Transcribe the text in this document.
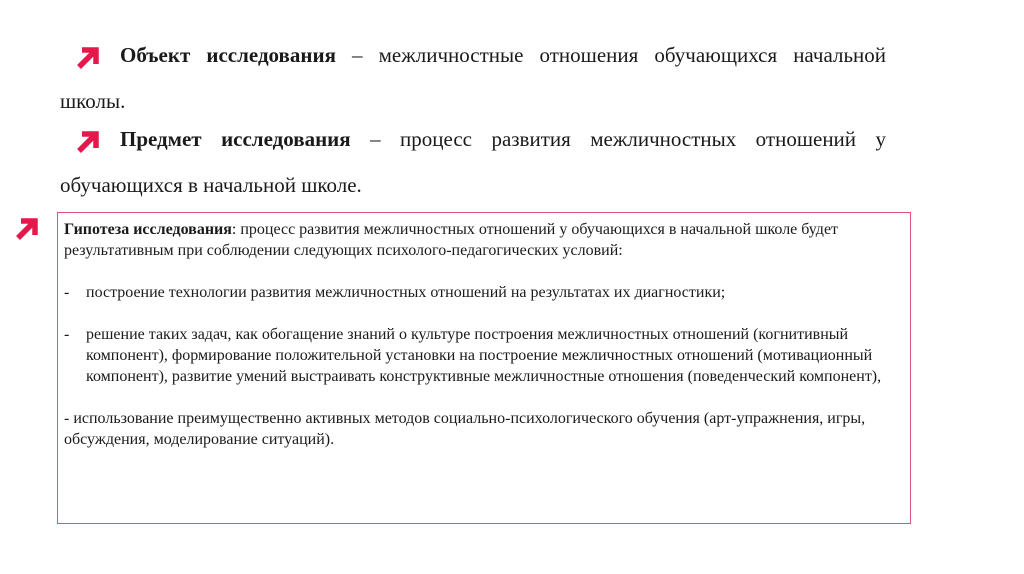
Объект исследования – межличностные отношения обучающихся начальной школы.
Предмет исследования – процесс развития межличностных отношений у обучающихся в начальной школе.

Гипотеза исследования: процесс развития межличностных отношений у обучающихся в начальной школе будет результативным при соблюдении следующих психолого-педагогических условий:

-	построение технологии развития межличностных отношений на результатах их диагностики;
-	решение таких задач, как обогащение знаний о культуре построения межличностных отношений (когнитивный компонент), формирование положительной установки на построение межличностных отношений (мотивационный компонент), развитие умений выстраивать конструктивные межличностные отношения (поведенческий компонент),

- использование преимущественно активных методов социально-психологического обучения (арт-упражнения, игры, обсуждения, моделирование ситуаций).
